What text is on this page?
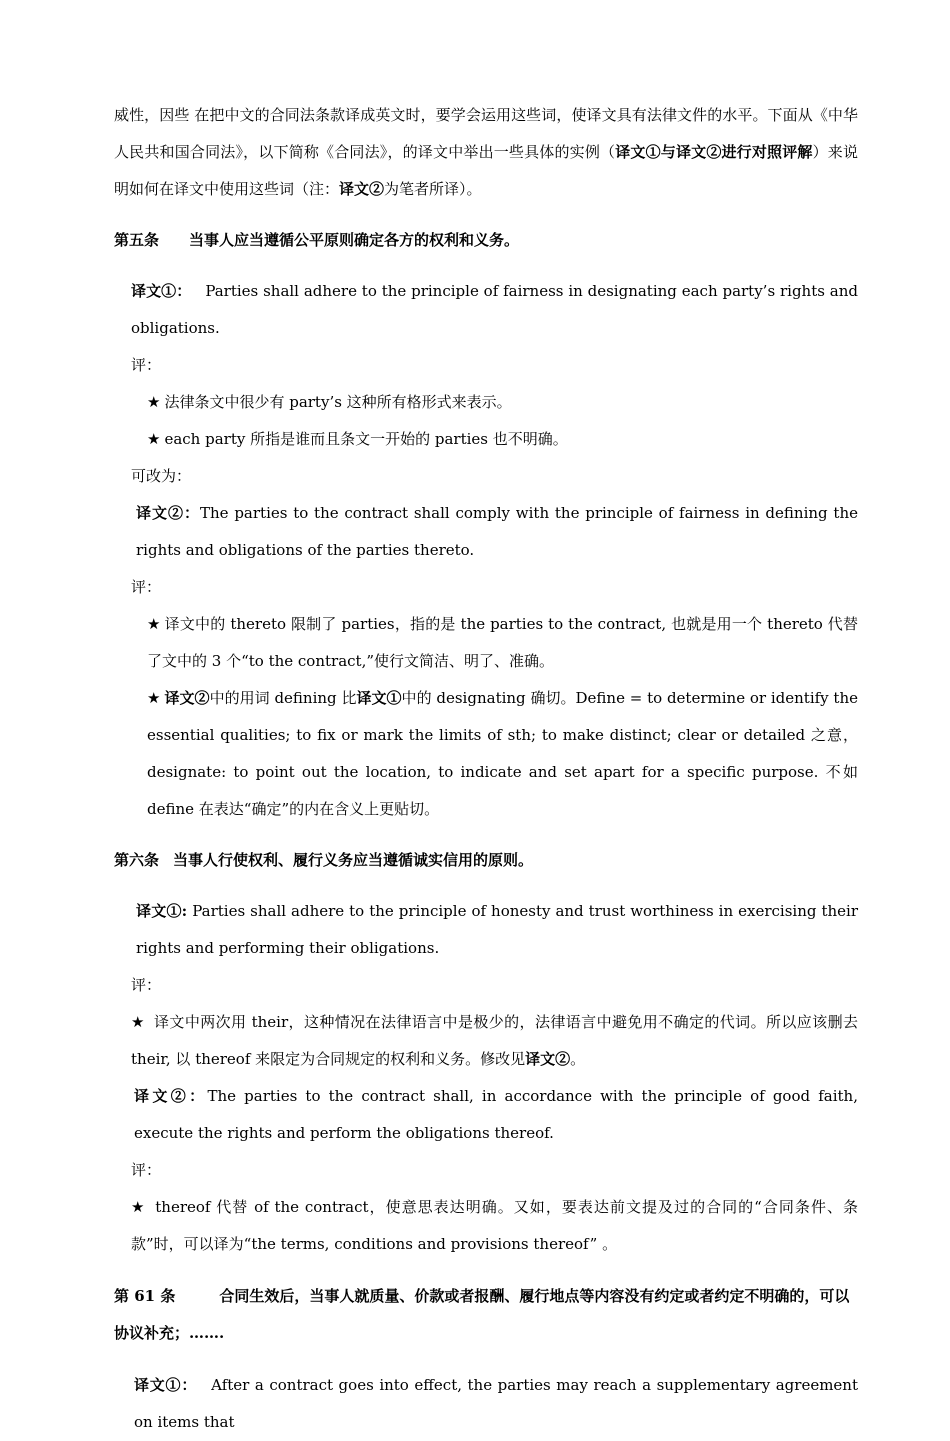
威性，因些 在把中文的合同法条款译成英文时，要学会运用这些词，使译文具有法律文件的水平。下面从《中华人民共和国合同法》，以下简称《合同法》，的译文中举出一些具体的实例（译文①与译文②进行对照评解）来说明如何在译文中使用这些词（注：译文②为笔者所译）。

第五条 当事人应当遵循公平原则确定各方的权利和义务。

译文①： Parties shall adhere to the principle of fairness in designating each party’s rights and obligations.

评：

★ 法律条文中很少有 party’s 这种所有格形式来表示。

★ each party 所指是谁而且条文一开始的 parties 也不明确。

可改为：

译文②：The parties to the contract shall comply with the principle of fairness in defining the rights and obligations of the parties thereto.

评：

★ 译文中的 thereto 限制了 parties，指的是 the parties to the contract, 也就是用一个 thereto 代替了文中的 3 个“to the contract,”使行文简洁、明了、准确。

★ 译文②中的用词 defining 比译文①中的 designating 确切。Define = to determine or identify the essential qualities; to fix or mark the limits of sth; to make distinct; clear or detailed 之意，designate: to point out the location, to indicate and set apart for a specific purpose. 不如 define 在表达“确定”的内在含义上更贴切。

第六条 当事人行使权利、履行义务应当遵循诚实信用的原则。

译文①: Parties shall adhere to the principle of honesty and trust worthiness in exercising their rights and performing their obligations.

评：

★ 译文中两次用 their，这种情况在法律语言中是极少的，法律语言中避免用不确定的代词。所以应该删去 their, 以 thereof 来限定为合同规定的权利和义务。修改见译文②。

译文②：The parties to the contract shall, in accordance with the principle of good faith, execute the rights and perform the obligations thereof.

评：

★ thereof 代替 of the contract，使意思表达明确。又如，要表达前文提及过的合同的“合同条件、条款”时，可以译为“the terms, conditions and provisions thereof” 。

第 61 条	合同生效后，当事人就质量、价款或者报酬、履行地点等内容没有约定或者约定不明确的，可以协议补充；…….

译文①： After a contract goes into effect, the parties may reach a supplementary agreement on items that
